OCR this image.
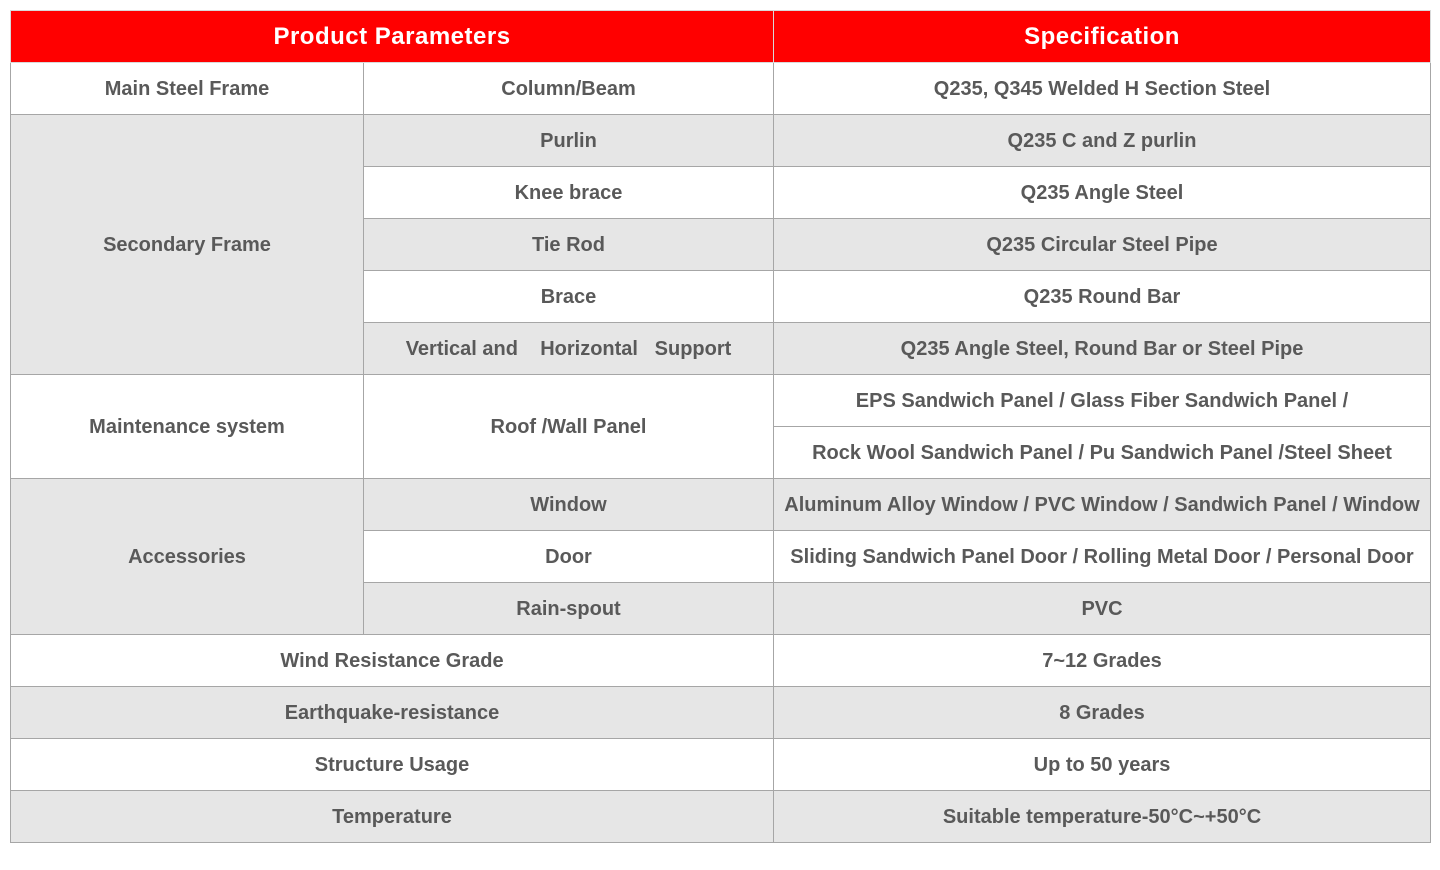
Product Parameters		Specification
Main Steel Frame	Column/Beam	Q235, Q345 Welded H Section Steel
Secondary Frame	Purlin	Q235 C and Z purlin
	Knee brace	Q235 Angle Steel
	Tie Rod	Q235 Circular Steel Pipe
	Brace	Q235 Round Bar
	Vertical and    Horizontal   Support	Q235 Angle Steel, Round Bar or Steel Pipe
Maintenance system	Roof /Wall Panel	EPS Sandwich Panel / Glass Fiber Sandwich Panel /
		Rock Wool Sandwich Panel / Pu Sandwich Panel /Steel Sheet
Accessories	Window	Aluminum Alloy Window / PVC Window / Sandwich Panel / Window
	Door	Sliding Sandwich Panel Door / Rolling Metal Door / Personal Door
	Rain-spout	PVC
Wind Resistance Grade		7~12 Grades
Earthquake-resistance		8 Grades
Structure Usage		Up to 50 years
Temperature		Suitable temperature-50°C~+50°C
